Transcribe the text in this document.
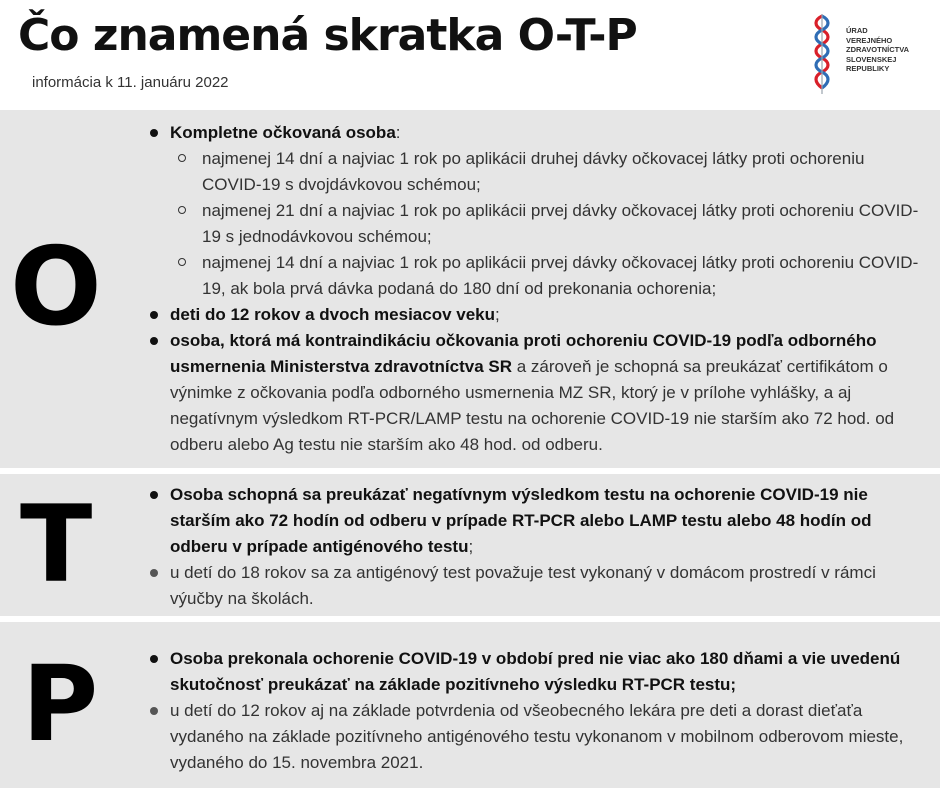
Čo znamená skratka O-T-P
informácia k 11. januáru 2022
ÚRAD
VEREJNÉHO
ZDRAVOTNÍCTVA
SLOVENSKEJ
REPUBLIKY
O
Kompletne očkovaná osoba:
najmenej 14 dní a najviac 1 rok po aplikácii druhej dávky očkovacej látky proti ochoreniu COVID-19 s dvojdávkovou schémou;
najmenej 21 dní a najviac 1 rok po aplikácii prvej dávky očkovacej látky proti ochoreniu COVID-19 s jednodávkovou schémou;
najmenej 14 dní a najviac 1 rok po aplikácii prvej dávky očkovacej látky proti ochoreniu COVID-19, ak bola prvá dávka podaná do 180 dní od prekonania ochorenia;
deti do 12 rokov a dvoch mesiacov veku;
osoba, ktorá má kontraindikáciu očkovania proti ochoreniu COVID-19 podľa odborného usmernenia Ministerstva zdravotníctva SR a zároveň je schopná sa preukázať certifikátom o výnimke z očkovania podľa odborného usmernenia MZ SR, ktorý je v prílohe vyhlášky, a aj negatívnym výsledkom RT-PCR/LAMP testu na ochorenie COVID-19 nie starším ako 72 hod. od odberu alebo Ag testu nie starším ako 48 hod. od odberu.
T	Osoba schopná sa preukázať negatívnym výsledkom testu na ochorenie COVID-19 nie starším ako 72 hodín od odberu v prípade RT-PCR alebo LAMP testu alebo 48 hodín od odberu v prípade antigénového testu;
u detí do 18 rokov sa za antigénový test považuje test vykonaný v domácom prostredí v rámci výučby na školách.
P	Osoba prekonala ochorenie COVID-19 v období pred nie viac ako 180 dňami a vie uvedenú skutočnosť preukázať na základe pozitívneho výsledku RT-PCR testu;
u detí do 12 rokov aj na základe potvrdenia od všeobecného lekára pre deti a dorast dieťaťa vydaného na základe pozitívneho antigénového testu vykonanom v mobilnom odberovom mieste, vydaného do 15. novembra 2021.
